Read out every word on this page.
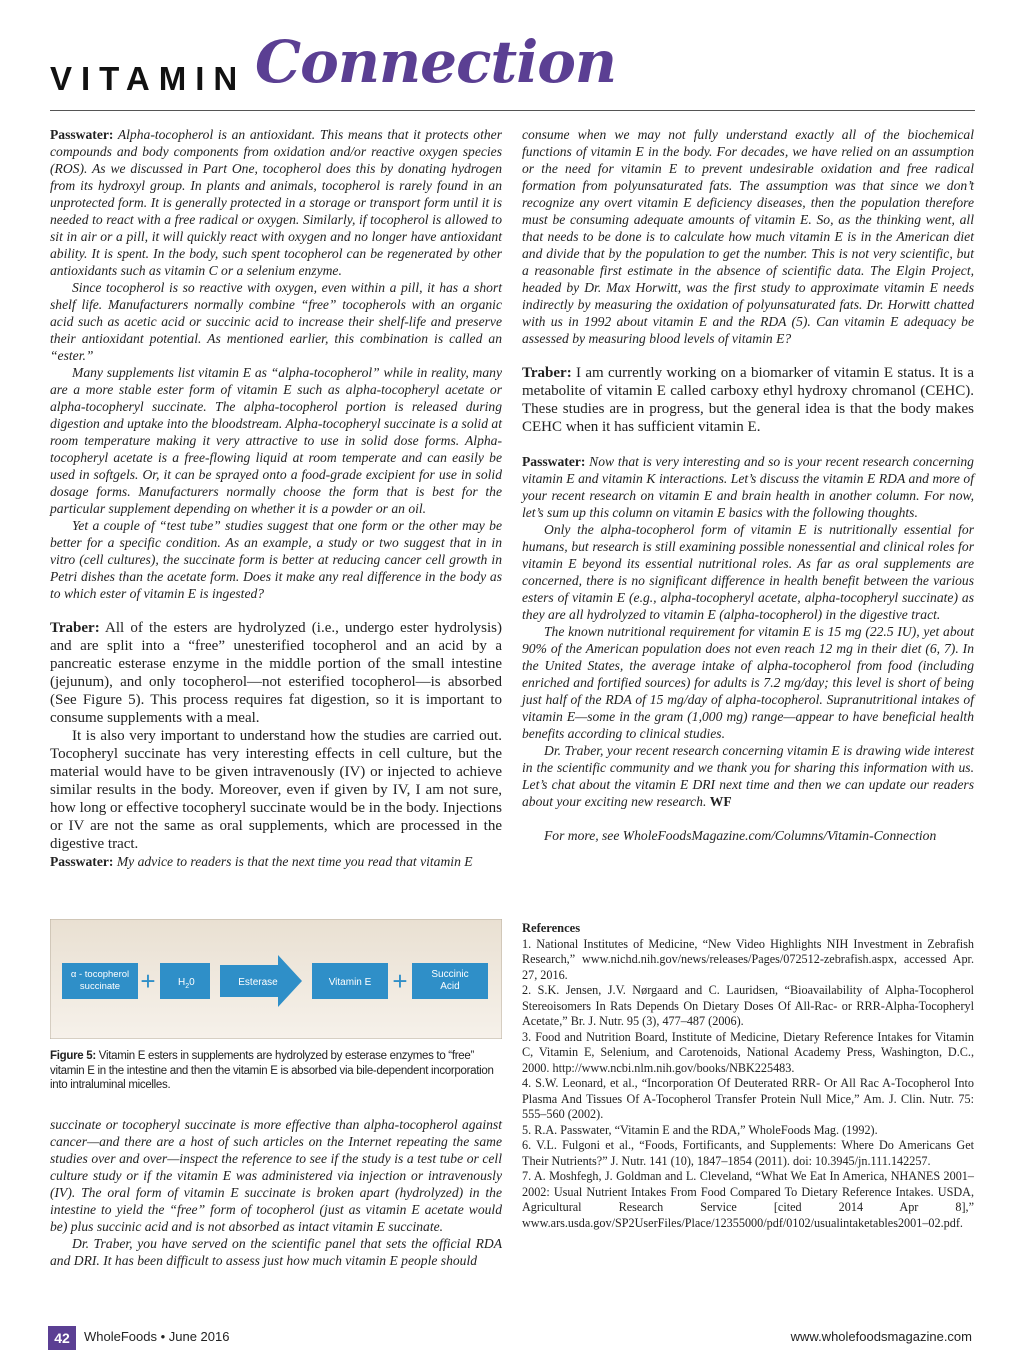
VITAMIN Connection

Passwater: Alpha-tocopherol is an antioxidant. This means that it protects other compounds and body components from oxidation and/or reactive oxygen species (ROS). As we discussed in Part One, tocopherol does this by donating hydrogen from its hydroxyl group. In plants and animals, tocopherol is rarely found in an unprotected form. It is generally protected in a storage or transport form until it is needed to react with a free radical or oxygen. Similarly, if tocopherol is allowed to sit in air or a pill, it will quickly react with oxygen and no longer have antioxidant ability. It is spent. In the body, such spent tocopherol can be regenerated by other antioxidants such as vitamin C or a selenium enzyme.

Since tocopherol is so reactive with oxygen, even within a pill, it has a short shelf life. Manufacturers normally combine “free” tocopherols with an organic acid such as acetic acid or succinic acid to increase their shelf-life and preserve their antioxidant potential. As mentioned earlier, this combination is called an “ester.”

Many supplements list vitamin E as “alpha-tocopherol” while in reality, many are a more stable ester form of vitamin E such as alpha-tocopheryl acetate or alpha-tocopheryl succinate. The alpha-tocopherol portion is released during digestion and uptake into the bloodstream. Alpha-tocopheryl succinate is a solid at room temperature making it very attractive to use in solid dose forms. Alpha-tocopheryl acetate is a free-flowing liquid at room temperate and can easily be used in softgels. Or, it can be sprayed onto a food-grade excipient for use in solid dosage forms. Manufacturers normally choose the form that is best for the particular supplement depending on whether it is a powder or an oil.

Yet a couple of “test tube” studies suggest that one form or the other may be better for a specific condition. As an example, a study or two suggest that in in vitro (cell cultures), the succinate form is better at reducing cancer cell growth in Petri dishes than the acetate form. Does it make any real difference in the body as to which ester of vitamin E is ingested?

Traber: All of the esters are hydrolyzed (i.e., undergo ester hydrolysis) and are split into a “free” unesterified tocopherol and an acid by a pancreatic esterase enzyme in the middle portion of the small intestine (jejunum), and only tocopherol—not esterified tocopherol—is absorbed (See Figure 5). This process requires fat digestion, so it is important to consume supplements with a meal.

It is also very important to understand how the studies are carried out. Tocopheryl succinate has very interesting effects in cell culture, but the material would have to be given intravenously (IV) or injected to achieve similar results in the body. Moreover, even if given by IV, I am not sure, how long or effective tocopheryl succinate would be in the body. Injections or IV are not the same as oral supplements, which are processed in the digestive tract.

Passwater: My advice to readers is that the next time you read that vitamin E

α - tocopherol
succinate + $H_20$	Esterase	Vitamin E + Succinic
Acid
Figure 5: Vitamin E esters in supplements are hydrolyzed by esterase enzymes to “free” vitamin E in the intestine and then the vitamin E is absorbed via bile-dependent incorporation into intraluminal micelles.

succinate or tocopheryl succinate is more effective than alpha-tocopherol against cancer—and there are a host of such articles on the Internet repeating the same studies over and over—inspect the reference to see if the study is a test tube or cell culture study or if the vitamin E was administered via injection or intravenously (IV). The oral form of vitamin E succinate is broken apart (hydrolyzed) in the intestine to yield the “free” form of tocopherol (just as vitamin E acetate would be) plus succinic acid and is not absorbed as intact vitamin E succinate.

Dr. Traber, you have served on the scientific panel that sets the official RDA and DRI. It has been difficult to assess just how much vitamin E people should

consume when we may not fully understand exactly all of the biochemical functions of vitamin E in the body. For decades, we have relied on an assumption or the need for vitamin E to prevent undesirable oxidation and free radical formation from polyunsaturated fats. The assumption was that since we don’t recognize any overt vitamin E deficiency diseases, then the population therefore must be consuming adequate amounts of vitamin E. So, as the thinking went, all that needs to be done is to calculate how much vitamin E is in the American diet and divide that by the population to get the number. This is not very scientific, but a reasonable first estimate in the absence of scientific data. The Elgin Project, headed by Dr. Max Horwitt, was the first study to approximate vitamin E needs indirectly by measuring the oxidation of polyunsaturated fats. Dr. Horwitt chatted with us in 1992 about vitamin E and the RDA (5). Can vitamin E adequacy be assessed by measuring blood levels of vitamin E?

Traber: I am currently working on a biomarker of vitamin E status. It is a metabolite of vitamin E called carboxy ethyl hydroxy chromanol (CEHC). These studies are in progress, but the general idea is that the body makes CEHC when it has sufficient vitamin E.

Passwater: Now that is very interesting and so is your recent research concerning vitamin E and vitamin K interactions. Let’s discuss the vitamin E RDA and more of your recent research on vitamin E and brain health in another column. For now, let’s sum up this column on vitamin E basics with the following thoughts.

Only the alpha-tocopherol form of vitamin E is nutritionally essential for humans, but research is still examining possible nonessential and clinical roles for vitamin E beyond its essential nutritional roles. As far as oral supplements are concerned, there is no significant difference in health benefit between the various esters of vitamin E (e.g., alpha-tocopheryl acetate, alpha-tocopheryl succinate) as they are all hydrolyzed to vitamin E (alpha-tocopherol) in the digestive tract.

The known nutritional requirement for vitamin E is 15 mg (22.5 IU), yet about 90% of the American population does not even reach 12 mg in their diet (6, 7). In the United States, the average intake of alpha-tocopherol from food (including enriched and fortified sources) for adults is 7.2 mg/day; this level is short of being just half of the RDA of 15 mg/day of alpha-tocopherol. Supranutritional intakes of vitamin E—some in the gram (1,000 mg) range—appear to have beneficial health benefits according to clinical studies.

Dr. Traber, your recent research concerning vitamin E is drawing wide interest in the scientific community and we thank you for sharing this information with us. Let’s chat about the vitamin E DRI next time and then we can update our readers about your exciting new research. WF

For more, see WholeFoodsMagazine.com/Columns/Vitamin-Connection

References

1. National Institutes of Medicine, “New Video Highlights NIH Investment in Zebrafish Research,” www.nichd.nih.gov/news/releases/Pages/072512-zebrafish.aspx, accessed Apr. 27, 2016.

2. S.K. Jensen, J.V. Nørgaard and C. Lauridsen, “Bioavailability of Alpha-Tocopherol Stereoisomers In Rats Depends On Dietary Doses Of All-Rac- or RRR-Alpha-Tocopheryl Acetate,” Br. J. Nutr. 95 (3), 477–487 (2006).

3. Food and Nutrition Board, Institute of Medicine, Dietary Reference Intakes for Vitamin C, Vitamin E, Selenium, and Carotenoids, National Academy Press, Washington, D.C., 2000. http://www.ncbi.nlm.nih.gov/books/NBK225483.

4. S.W. Leonard, et al., “Incorporation Of Deuterated RRR- Or All Rac A-Tocopherol Into Plasma And Tissues Of A-Tocopherol Transfer Protein Null Mice,” Am. J. Clin. Nutr. 75: 555–560 (2002).

5. R.A. Passwater, “Vitamin E and the RDA,” WholeFoods Mag. (1992).

6. V.L. Fulgoni et al., “Foods, Fortificants, and Supplements: Where Do Americans Get Their Nutrients?” J. Nutr. 141 (10), 1847–1854 (2011). doi: 10.3945/jn.111.142257.

7. A. Moshfegh, J. Goldman and L. Cleveland, “What We Eat In America, NHANES 2001–2002: Usual Nutrient Intakes From Food Compared To Dietary Reference Intakes. USDA, Agricultural Research Service [cited 2014 Apr 8],” www.ars.usda.gov/SP2UserFiles/Place/12355000/pdf/0102/usualintaketables2001–02.pdf.

42	WholeFoods • June 2016	www.wholefoodsmagazine.com
